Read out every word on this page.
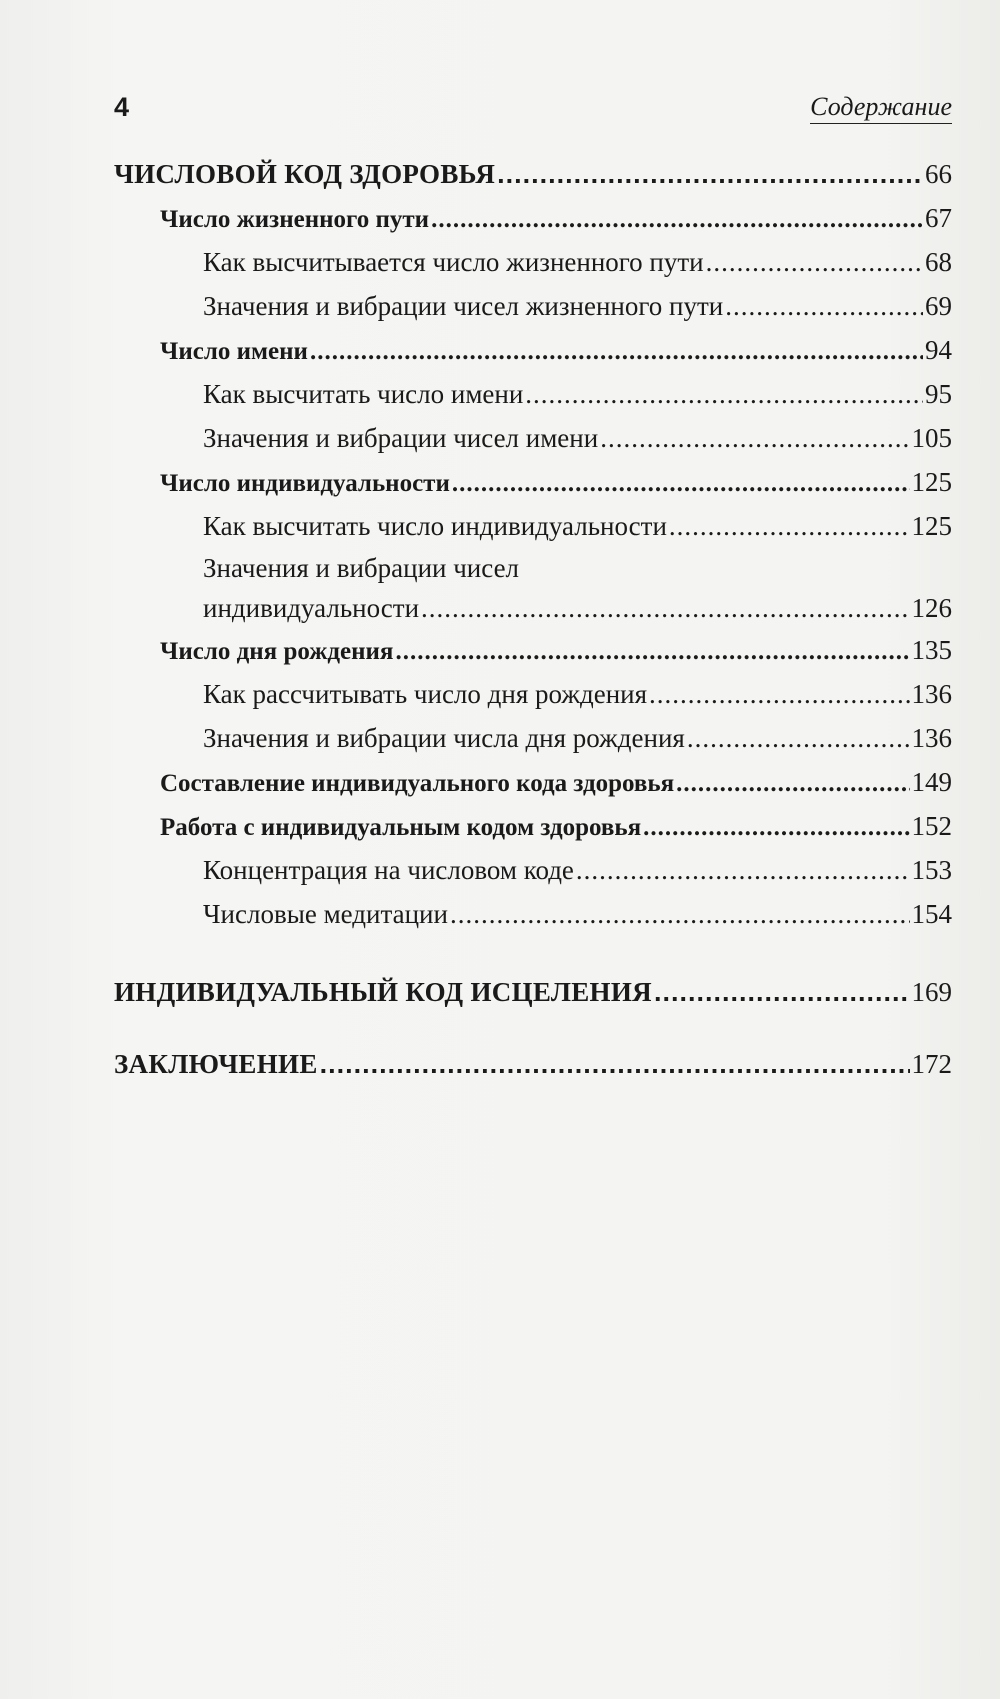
4	Содержание
ЧИСЛОВОЙ КОД ЗДОРОВЬЯ .....	66
Число жизненного пути .....	67
Как высчитывается число жизненного пути .....	68
Значения и вибрации чисел жизненного пути .....	69
Число имени .....	94
Как высчитать число имени .....	95
Значения и вибрации чисел имени .....	105
Число индивидуальности .....	125
Как высчитать число индивидуальности .....	125
Значения и вибрации чисел
индивидуальности .....	126
Число дня рождения .....	135
Как рассчитывать число дня рождения .....	136
Значения и вибрации числа дня рождения .....	136
Составление индивидуального кода здоровья .....	149
Работа с индивидуальным кодом здоровья .....	152
Концентрация на числовом коде .....	153
Числовые медитации .....	154
ИНДИВИДУАЛЬНЫЙ КОД ИСЦЕЛЕНИЯ .....	169
ЗАКЛЮЧЕНИЕ .....	172
